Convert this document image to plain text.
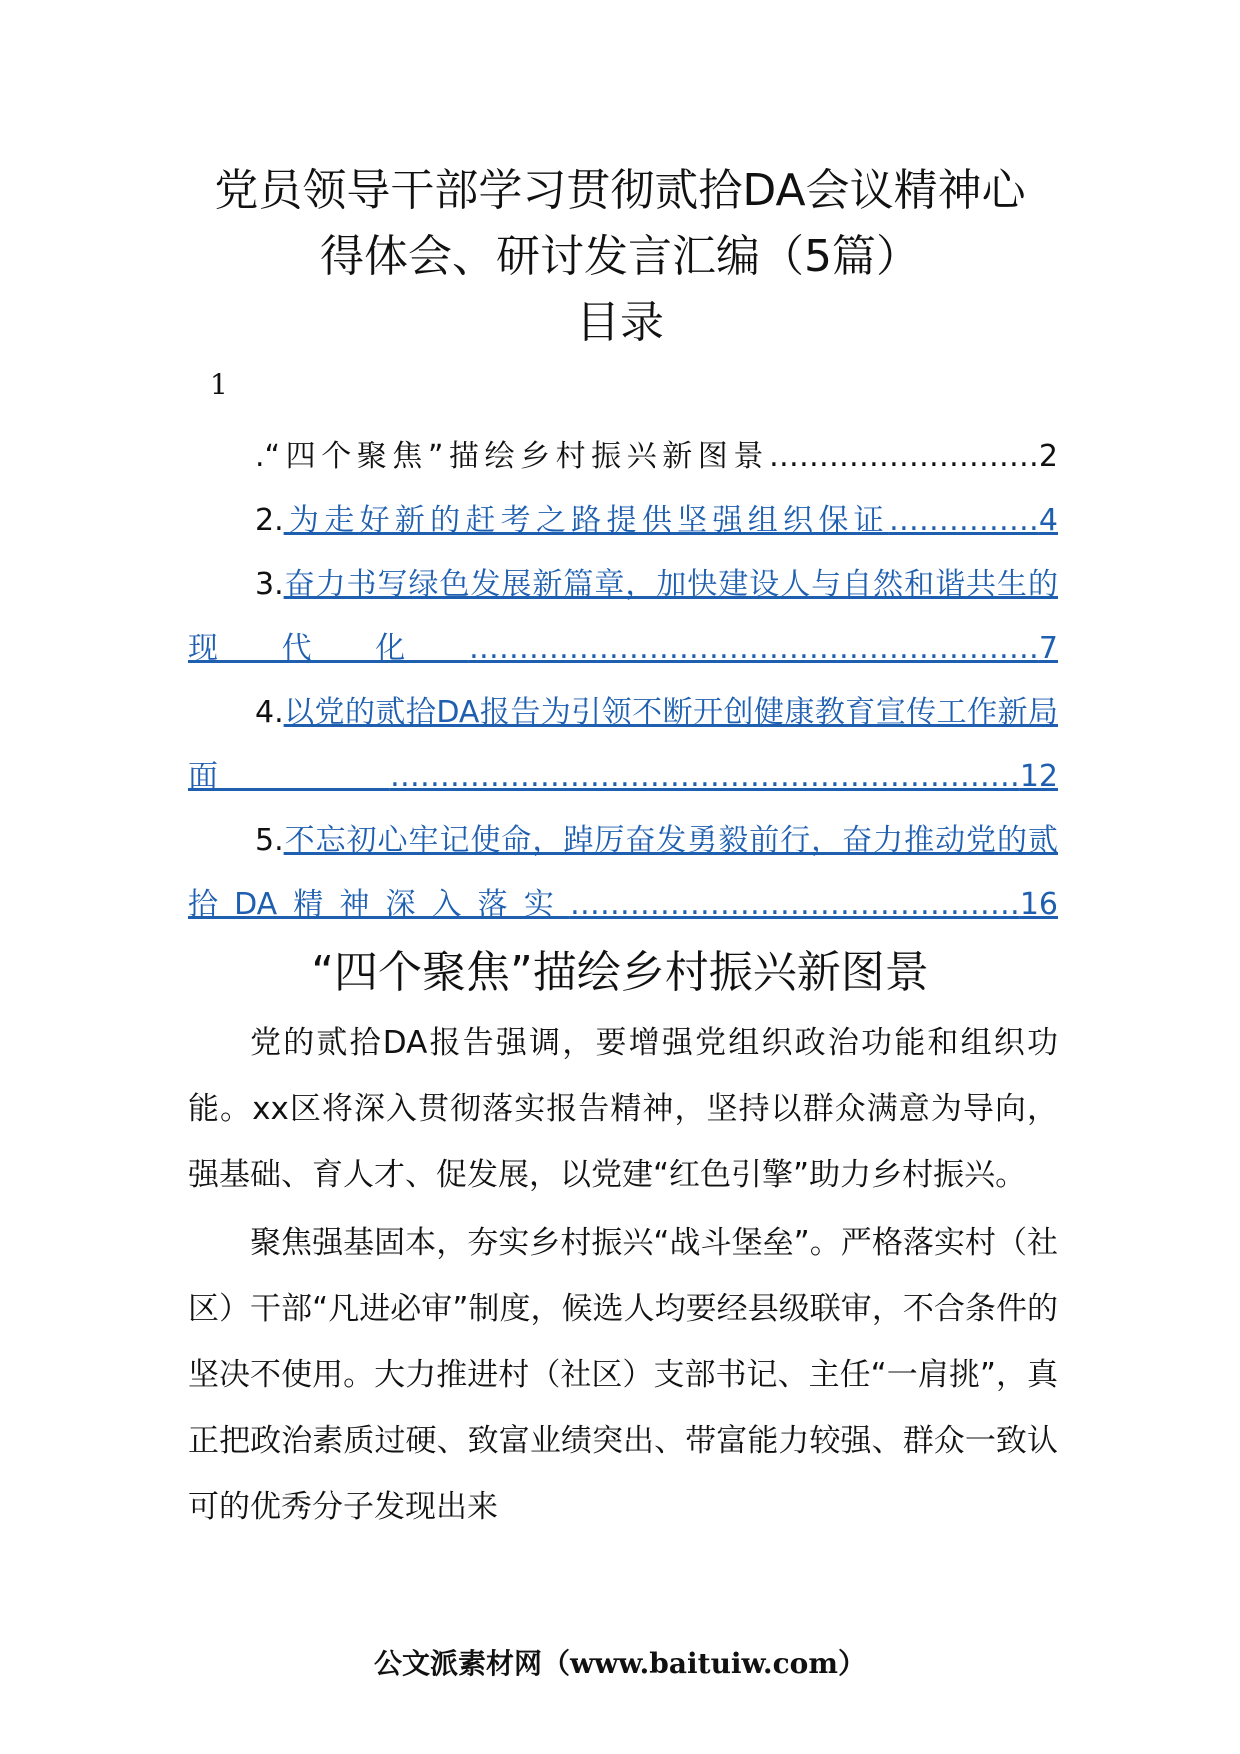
党员领导干部学习贯彻贰拾DA会议精神心
得体会、研讨发言汇编（5篇）
目录
1
.“四个聚焦”描绘乡村振兴新图景………………………2
2.为走好新的赶考之路提供坚强组织保证……………4
3.奋力书写绿色发展新篇章，加快建设人与自然和谐共生的现代化…………………………………………………7
4.以党的贰拾DA报告为引领不断开创健康教育宣传工作新局面………………………………………………………12
5.不忘初心牢记使命，踔厉奋发勇毅前行，奋力推动党的贰拾DA精神深入落实………………………………………16
“四个聚焦”描绘乡村振兴新图景

党的贰拾DA报告强调，要增强党组织政治功能和组织功能。xx区将深入贯彻落实报告精神，坚持以群众满意为导向，强基础、育人才、促发展，以党建“红色引擎”助力乡村振兴。

聚焦强基固本，夯实乡村振兴“战斗堡垒”。严格落实村（社区）干部“凡进必审”制度，候选人均要经县级联审，不合条件的坚决不使用。大力推进村（社区）支部书记、主任“一肩挑”，真正把政治素质过硬、致富业绩突出、带富能力较强、群众一致认可的优秀分子发现出来

公文派素材网（www.baituiw.com）
